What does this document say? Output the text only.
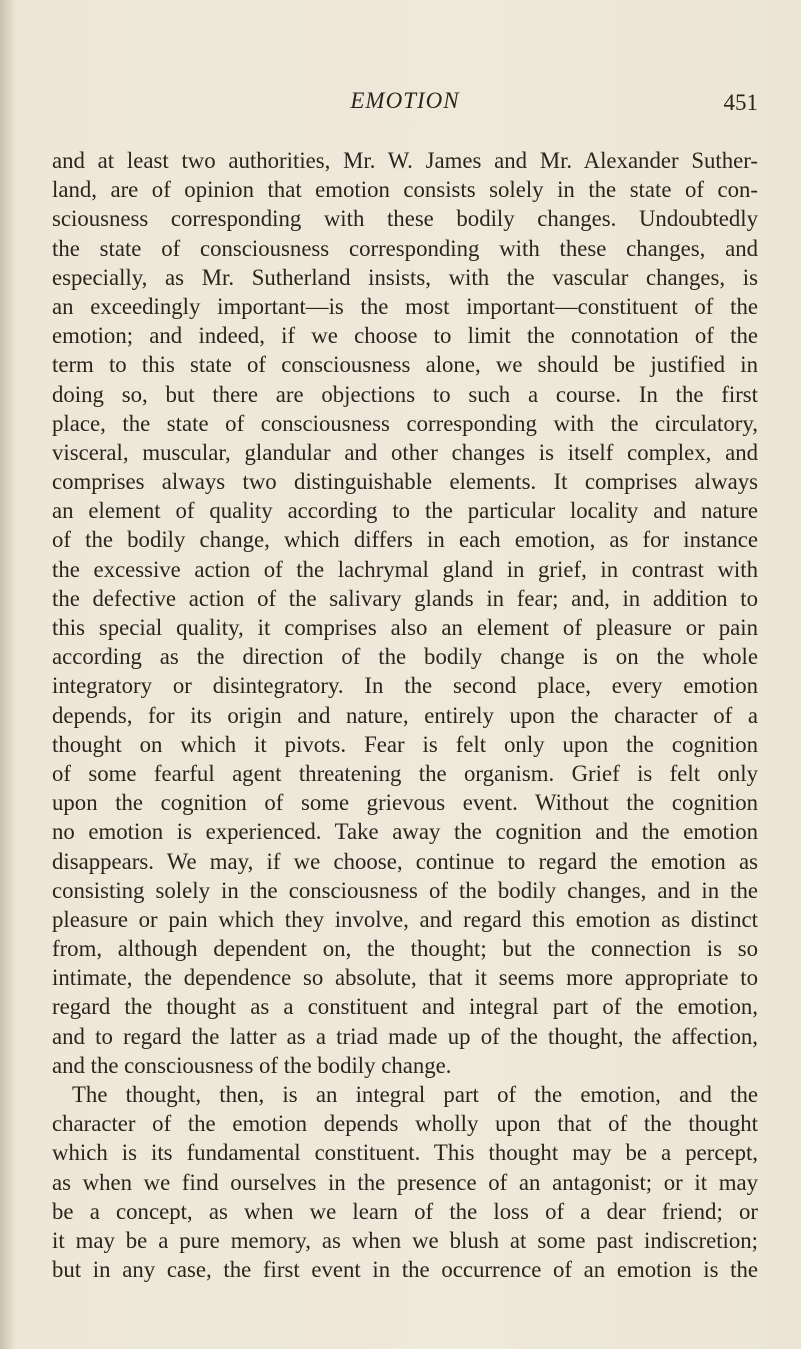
EMOTION	451
and at least two authorities, Mr. W. James and Mr. Alexander Suther-
land, are of opinion that emotion consists solely in the state of con-
sciousness corresponding with these bodily changes. Undoubtedly
the state of consciousness corresponding with these changes, and
especially, as Mr. Sutherland insists, with the vascular changes, is
an exceedingly important—is the most important—constituent of the
emotion; and indeed, if we choose to limit the connotation of the
term to this state of consciousness alone, we should be justified in
doing so, but there are objections to such a course. In the first
place, the state of consciousness corresponding with the circulatory,
visceral, muscular, glandular and other changes is itself complex, and
comprises always two distinguishable elements. It comprises always
an element of quality according to the particular locality and nature
of the bodily change, which differs in each emotion, as for instance
the excessive action of the lachrymal gland in grief, in contrast with
the defective action of the salivary glands in fear; and, in addition to
this special quality, it comprises also an element of pleasure or pain
according as the direction of the bodily change is on the whole
integratory or disintegratory. In the second place, every emotion
depends, for its origin and nature, entirely upon the character of a
thought on which it pivots. Fear is felt only upon the cognition
of some fearful agent threatening the organism. Grief is felt only
upon the cognition of some grievous event. Without the cognition
no emotion is experienced. Take away the cognition and the emotion
disappears. We may, if we choose, continue to regard the emotion as
consisting solely in the consciousness of the bodily changes, and in the
pleasure or pain which they involve, and regard this emotion as distinct
from, although dependent on, the thought; but the connection is so
intimate, the dependence so absolute, that it seems more appropriate to
regard the thought as a constituent and integral part of the emotion,
and to regard the latter as a triad made up of the thought, the affection,
and the consciousness of the bodily change.
The thought, then, is an integral part of the emotion, and the
character of the emotion depends wholly upon that of the thought
which is its fundamental constituent. This thought may be a percept,
as when we find ourselves in the presence of an antagonist; or it may
be a concept, as when we learn of the loss of a dear friend; or
it may be a pure memory, as when we blush at some past indiscretion;
but in any case, the first event in the occurrence of an emotion is the
